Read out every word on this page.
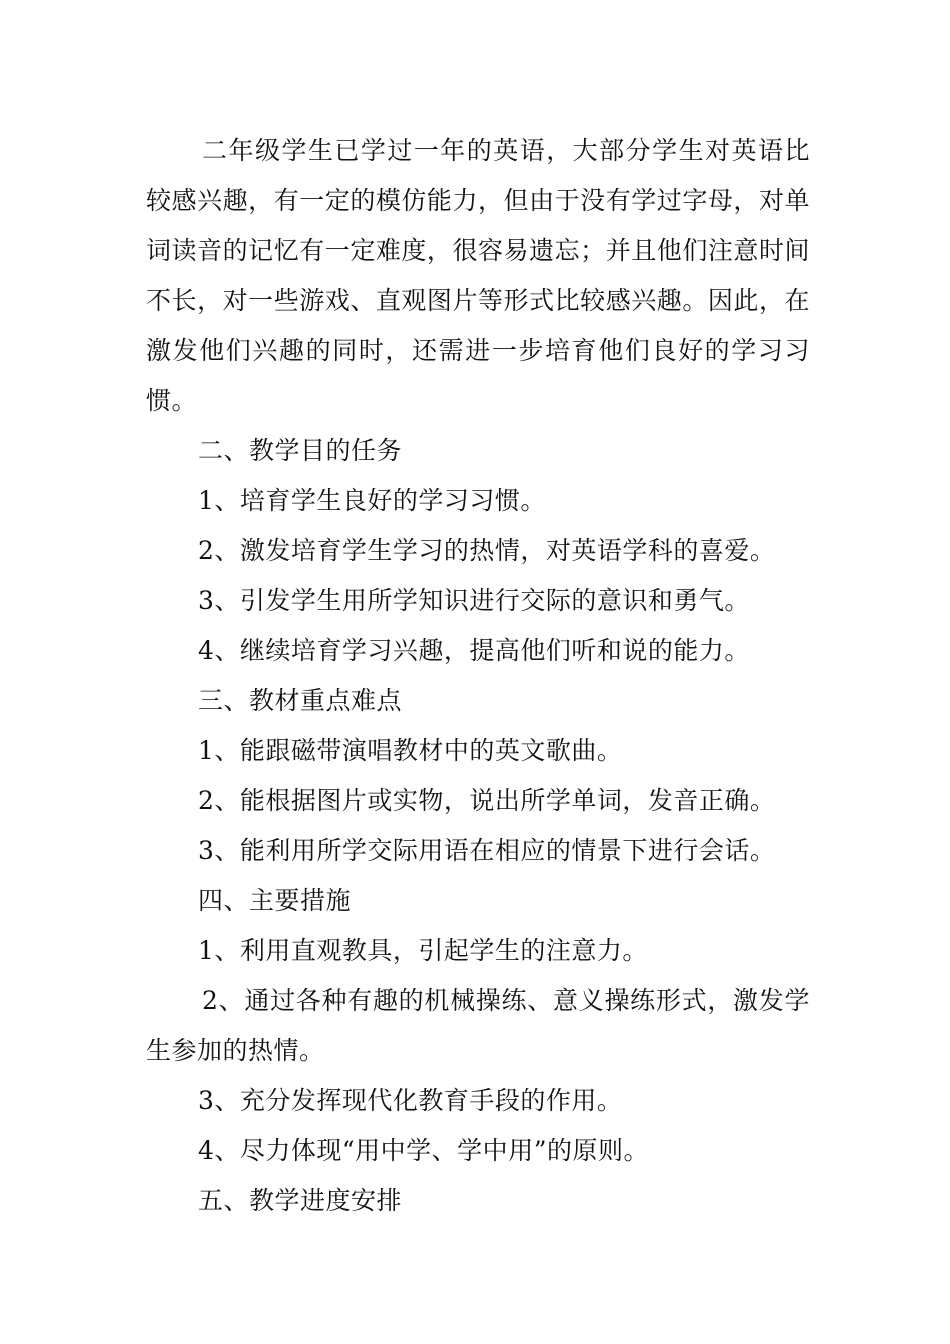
二年级学生已学过一年的英语，大部分学生对英语比较感兴趣，有一定的模仿能力，但由于没有学过字母，对单词读音的记忆有一定难度，很容易遗忘；并且他们注意时间不长，对一些游戏、直观图片等形式比较感兴趣。因此，在激发他们兴趣的同时，还需进一步培育他们良好的学习习惯。

二、教学目的任务

1、培育学生良好的学习习惯。

2、激发培育学生学习的热情，对英语学科的喜爱。

3、引发学生用所学知识进行交际的意识和勇气。

4、继续培育学习兴趣，提高他们听和说的能力。

三、教材重点难点

1、能跟磁带演唱教材中的英文歌曲。

2、能根据图片或实物，说出所学单词，发音正确。

3、能利用所学交际用语在相应的情景下进行会话。

四、主要措施

1、利用直观教具，引起学生的注意力。

2、通过各种有趣的机械操练、意义操练形式，激发学生参加的热情。

3、充分发挥现代化教育手段的作用。

4、尽力体现“用中学、学中用”的原则。

五、教学进度安排
